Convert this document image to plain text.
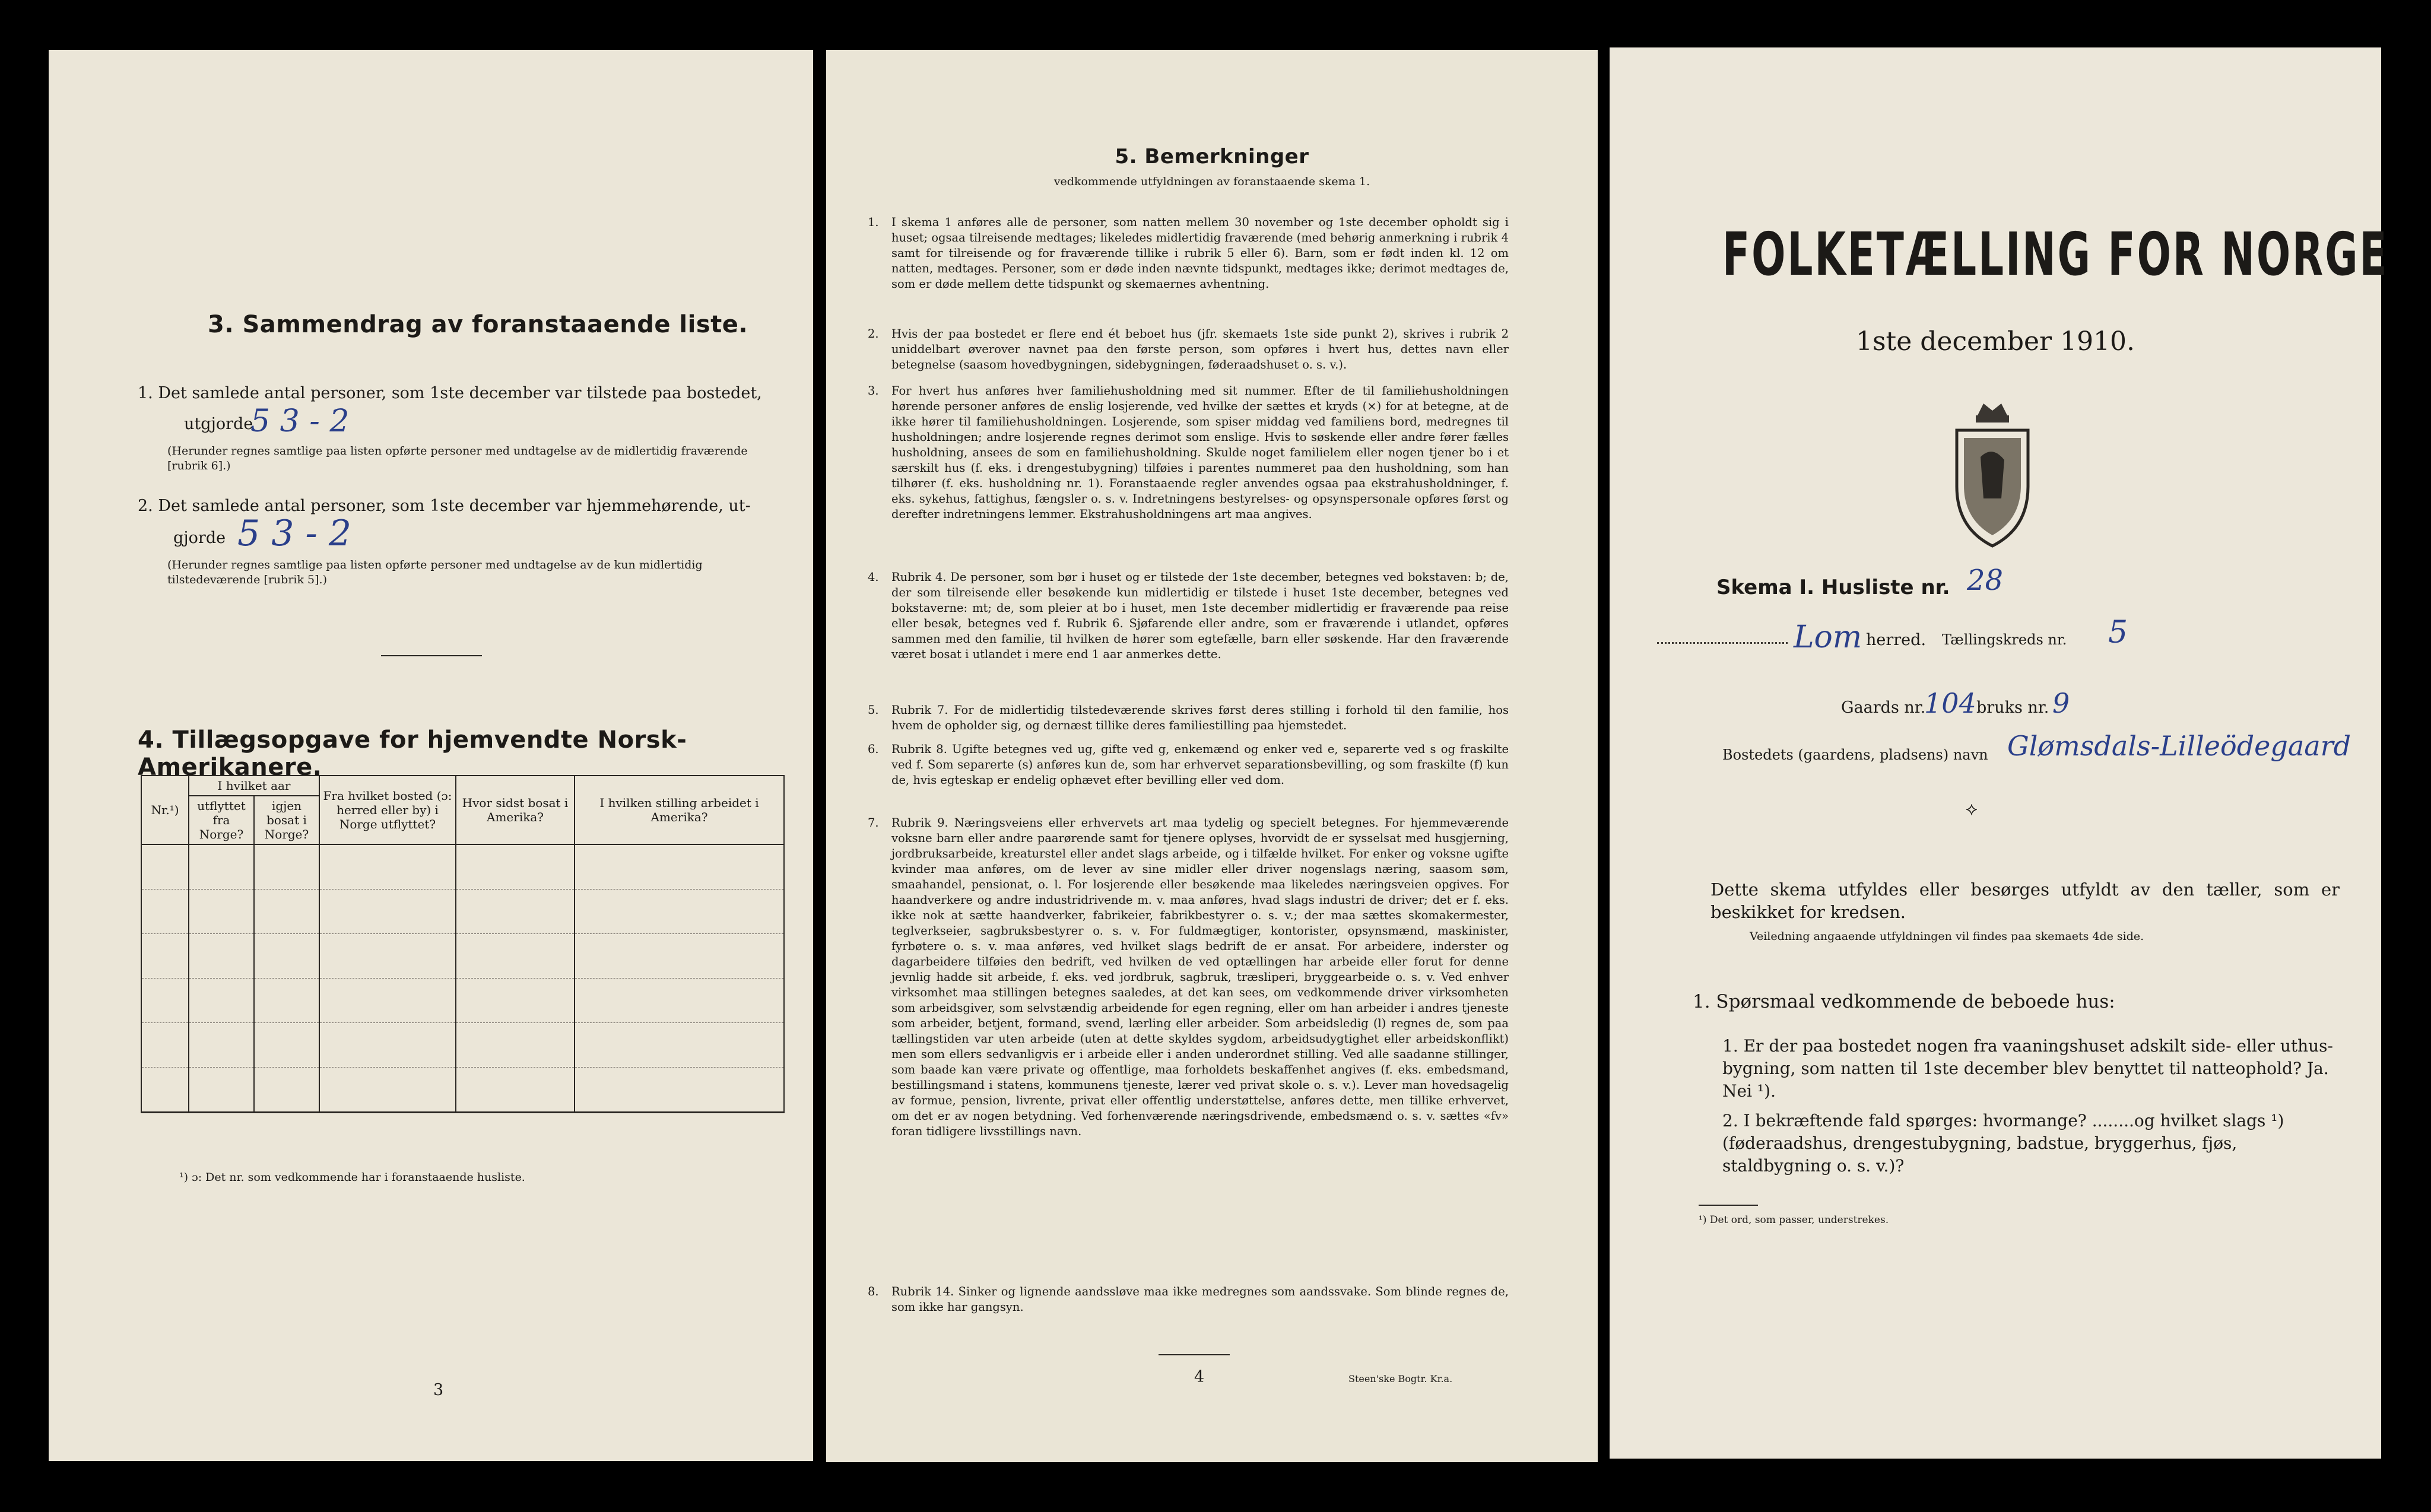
3. Sammendrag av foranstaaende liste.
1. Det samlede antal personer, som 1ste december var tilstede paa bostedet,
utgjorde
5 3 - 2
(Herunder regnes samtlige paa listen opførte personer med undtagelse av de midlertidig fraværende [rubrik 6].)
2. Det samlede antal personer, som 1ste december var hjemmehørende, ut-
gjorde 5 3 - 2
(Herunder regnes samtlige paa listen opførte personer med undtagelse av de kun midlertidig tilstedeværende [rubrik 5].)
4. Tillægsopgave for hjemvendte Norsk-Amerikanere.
Nr.¹)	I hvilket aar		Fra hvilket bosted (ɔ: herred eller by) i Norge utflyttet?	Hvor sidst bosat i Amerika?	I hvilken stilling arbeidet i Amerika?
	utflyttet fra Norge?	igjen bosat i Norge?			

¹) ɔ: Det nr. som vedkommende har i foranstaaende husliste.
3
5. Bemerkninger
vedkommende utfyldningen av foranstaaende skema 1.
1.	I skema 1 anføres alle de personer, som natten mellem 30 november og 1ste december opholdt sig i huset; ogsaa tilreisende medtages; likeledes midlertidig fraværende (med behørig anmerkning i rubrik 4 samt for tilreisende og for fraværende tillike i rubrik 5 eller 6). Barn, som er født inden kl. 12 om natten, medtages. Personer, som er døde inden nævnte tidspunkt, medtages ikke; derimot medtages de, som er døde mellem dette tidspunkt og skemaernes avhentning.
2.	Hvis der paa bostedet er flere end ét beboet hus (jfr. skemaets 1ste side punkt 2), skrives i rubrik 2 uniddelbart øverover navnet paa den første person, som opføres i hvert hus, dettes navn eller betegnelse (saasom hovedbygningen, sidebygningen, føderaadshuset o. s. v.).
3.	For hvert hus anføres hver familiehusholdning med sit nummer. Efter de til familiehusholdningen hørende personer anføres de enslig losjerende, ved hvilke der sættes et kryds (×) for at betegne, at de ikke hører til familiehusholdningen. Losjerende, som spiser middag ved familiens bord, medregnes til husholdningen; andre losjerende regnes derimot som enslige. Hvis to søskende eller andre fører fælles husholdning, ansees de som en familiehusholdning. Skulde noget familielem eller nogen tjener bo i et særskilt hus (f. eks. i drengestubygning) tilføies i parentes nummeret paa den husholdning, som han tilhører (f. eks. husholdning nr. 1). Foranstaaende regler anvendes ogsaa paa ekstrahusholdninger, f. eks. sykehus, fattighus, fængsler o. s. v. Indretningens bestyrelses- og opsynspersonale opføres først og derefter indretningens lemmer. Ekstrahusholdningens art maa angives.
4.	Rubrik 4. De personer, som bør i huset og er tilstede der 1ste december, betegnes ved bokstaven: b; de, der som tilreisende eller besøkende kun midlertidig er tilstede i huset 1ste december, betegnes ved bokstaverne: mt; de, som pleier at bo i huset, men 1ste december midlertidig er fraværende paa reise eller besøk, betegnes ved f. Rubrik 6. Sjøfarende eller andre, som er fraværende i utlandet, opføres sammen med den familie, til hvilken de hører som egtefælle, barn eller søskende. Har den fraværende været bosat i utlandet i mere end 1 aar anmerkes dette.
5.	Rubrik 7. For de midlertidig tilstedeværende skrives først deres stilling i forhold til den familie, hos hvem de opholder sig, og dernæst tillike deres familiestilling paa hjemstedet.
6.	Rubrik 8. Ugifte betegnes ved ug, gifte ved g, enkemænd og enker ved e, separerte ved s og fraskilte ved f. Som separerte (s) anføres kun de, som har erhvervet separationsbevilling, og som fraskilte (f) kun de, hvis egteskap er endelig ophævet efter bevilling eller ved dom.
7.	Rubrik 9. Næringsveiens eller erhvervets art maa tydelig og specielt betegnes. For hjemmeværende voksne barn eller andre paarørende samt for tjenere oplyses, hvorvidt de er sysselsat med husgjerning, jordbruksarbeide, kreaturstel eller andet slags arbeide, og i tilfælde hvilket. For enker og voksne ugifte kvinder maa anføres, om de lever av sine midler eller driver nogenslags næring, saasom søm, smaahandel, pensionat, o. l. For losjerende eller besøkende maa likeledes næringsveien opgives. For haandverkere og andre industridrivende m. v. maa anføres, hvad slags industri de driver; det er f. eks. ikke nok at sætte haandverker, fabrikeier, fabrikbestyrer o. s. v.; der maa sættes skomakermester, teglverkseier, sagbruksbestyrer o. s. v. For fuldmægtiger, kontorister, opsynsmænd, maskinister, fyrbøtere o. s. v. maa anføres, ved hvilket slags bedrift de er ansat. For arbeidere, inderster og dagarbeidere tilføies den bedrift, ved hvilken de ved optællingen har arbeide eller forut for denne jevnlig hadde sit arbeide, f. eks. ved jordbruk, sagbruk, træsliperi, bryggearbeide o. s. v. Ved enhver virksomhet maa stillingen betegnes saaledes, at det kan sees, om vedkommende driver virksomheten som arbeidsgiver, som selvstændig arbeidende for egen regning, eller om han arbeider i andres tjeneste som arbeider, betjent, formand, svend, lærling eller arbeider. Som arbeidsledig (l) regnes de, som paa tællingstiden var uten arbeide (uten at dette skyldes sygdom, arbeidsudygtighet eller arbeidskonflikt) men som ellers sedvanligvis er i arbeide eller i anden underordnet stilling. Ved alle saadanne stillinger, som baade kan være private og offentlige, maa forholdets beskaffenhet angives (f. eks. embedsmand, bestillingsmand i statens, kommunens tjeneste, lærer ved privat skole o. s. v.). Lever man hovedsagelig av formue, pension, livrente, privat eller offentlig understøttelse, anføres dette, men tillike erhvervet, om det er av nogen betydning. Ved forhenværende næringsdrivende, embedsmænd o. s. v. sættes «fv» foran tidligere livsstillings navn.
8.	Rubrik 14. Sinker og lignende aandssløve maa ikke medregnes som aandssvake. Som blinde regnes de, som ikke har gangsyn.
4	Steen'ske Bogtr. Kr.a.
FOLKETÆLLING FOR NORGE
1ste december 1910.
Skema I. Husliste nr. 28
Lom herred. Tællingskreds nr. 5
Gaards nr.
104 bruks nr. 9
Bostedets (gaardens, pladsens) navn Glømsdals-Lilleödegaard
⟡
Dette skema utfyldes eller besørges utfyldt av den tæller, som er beskikket for kredsen.
Veiledning angaaende utfyldningen vil findes paa skemaets 4de side.
1. Spørsmaal vedkommende de beboede hus:
1. Er der paa bostedet nogen fra vaaningshuset adskilt side- eller uthus-bygning, som natten til 1ste december blev benyttet til natteophold? Ja. Nei ¹).
2. I bekræftende fald spørges: hvormange? ........og hvilket slags ¹) (føderaadshus, drengestubygning, badstue, bryggerhus, fjøs, staldbygning o. s. v.)?
¹) Det ord, som passer, understrekes.
